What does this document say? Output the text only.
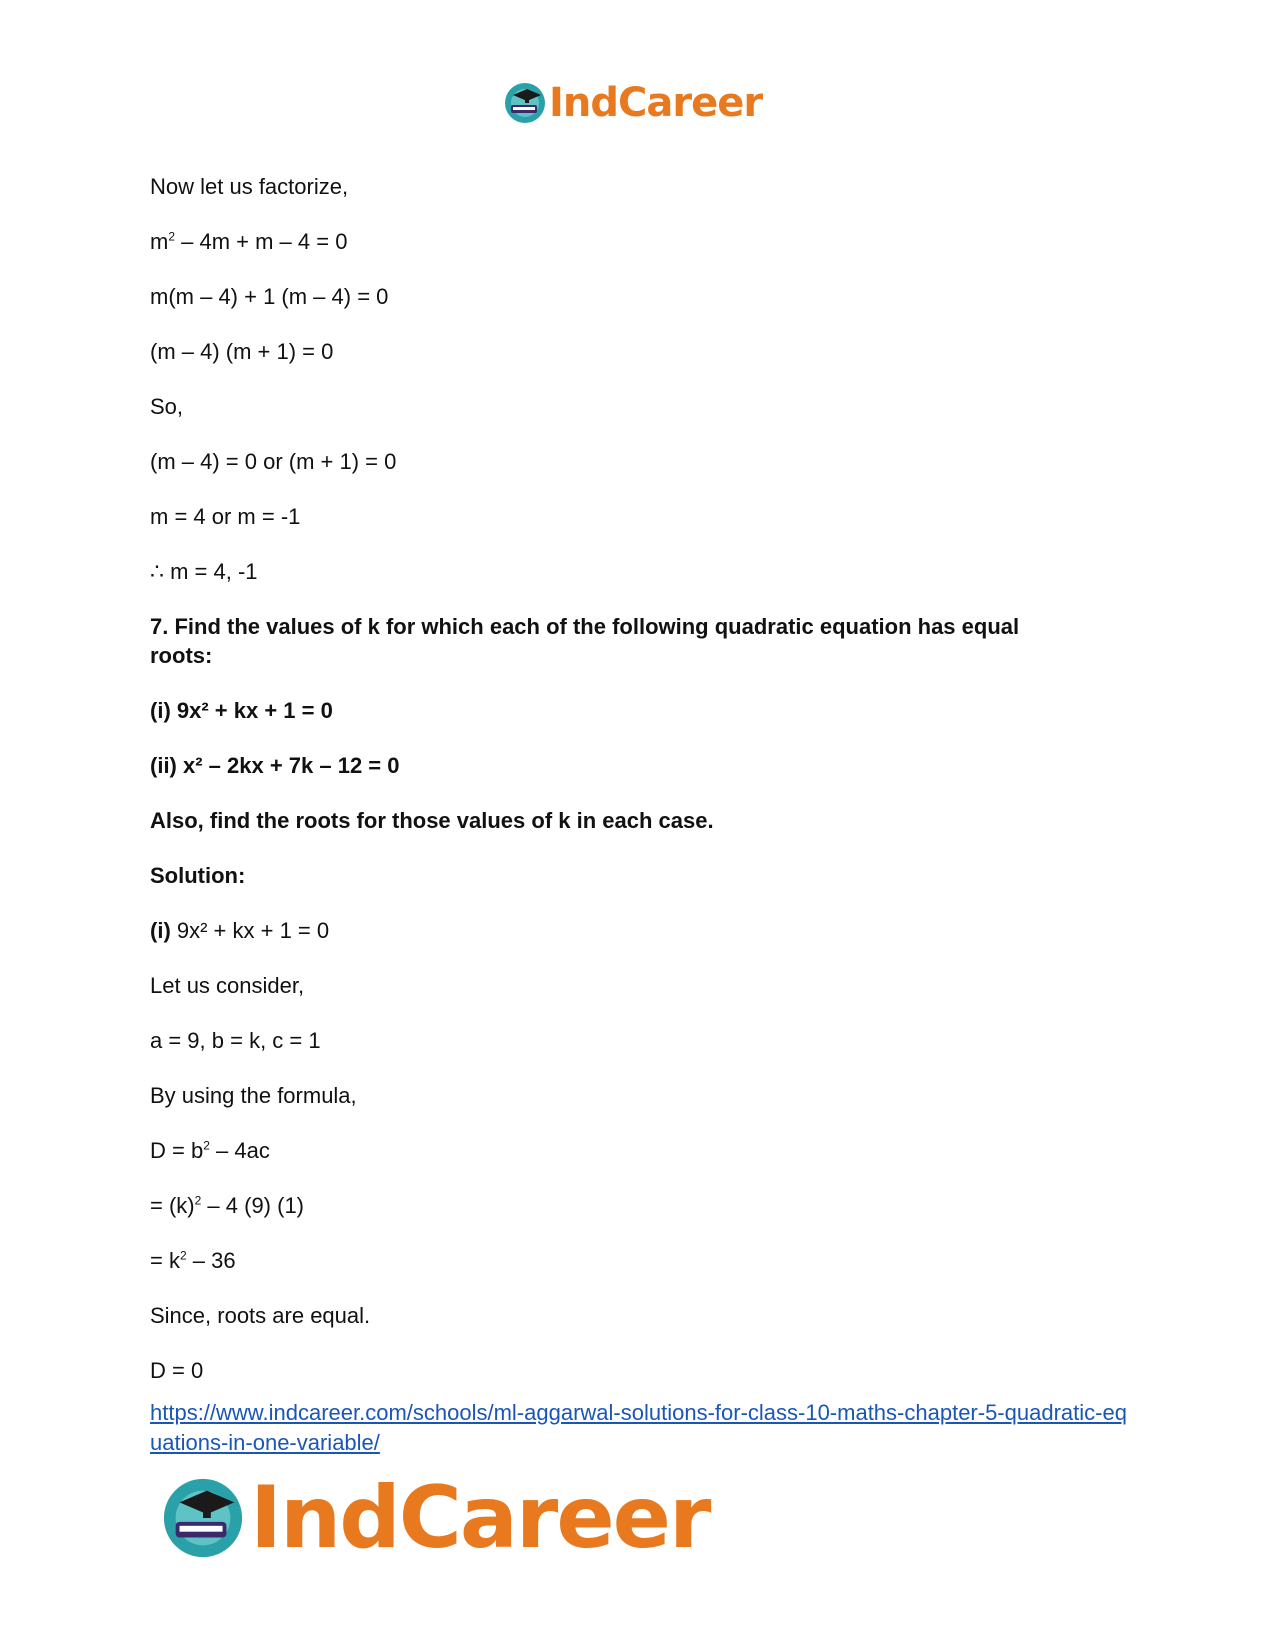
IndCareer

Now let us factorize,

$m^2 - 4m + m - 4 = 0$

m(m – 4) + 1 (m – 4) = 0

(m – 4) (m + 1) = 0

So,

(m – 4) = 0 or (m + 1) = 0

m = 4 or m = -1

∴ m = 4, -1

7. Find the values of k for which each of the following quadratic equation has equal roots:

(i) 9x² + kx + 1 = 0

(ii) x² – 2kx + 7k – 12 = 0

Also, find the roots for those values of k in each case.

Solution:

(i) 9x² + kx + 1 = 0

Let us consider,

a = 9, b = k, c = 1

By using the formula,

$D = b^2 - 4ac$

= $(k)^2 - 4$ (9) (1)

= $k^2 - 36$

Since, roots are equal.

D = 0

https://www.indcareer.com/schools/ml-aggarwal-solutions-for-class-10-maths-chapter-5-quadratic-equations-in-one-variable/
IndCareer
